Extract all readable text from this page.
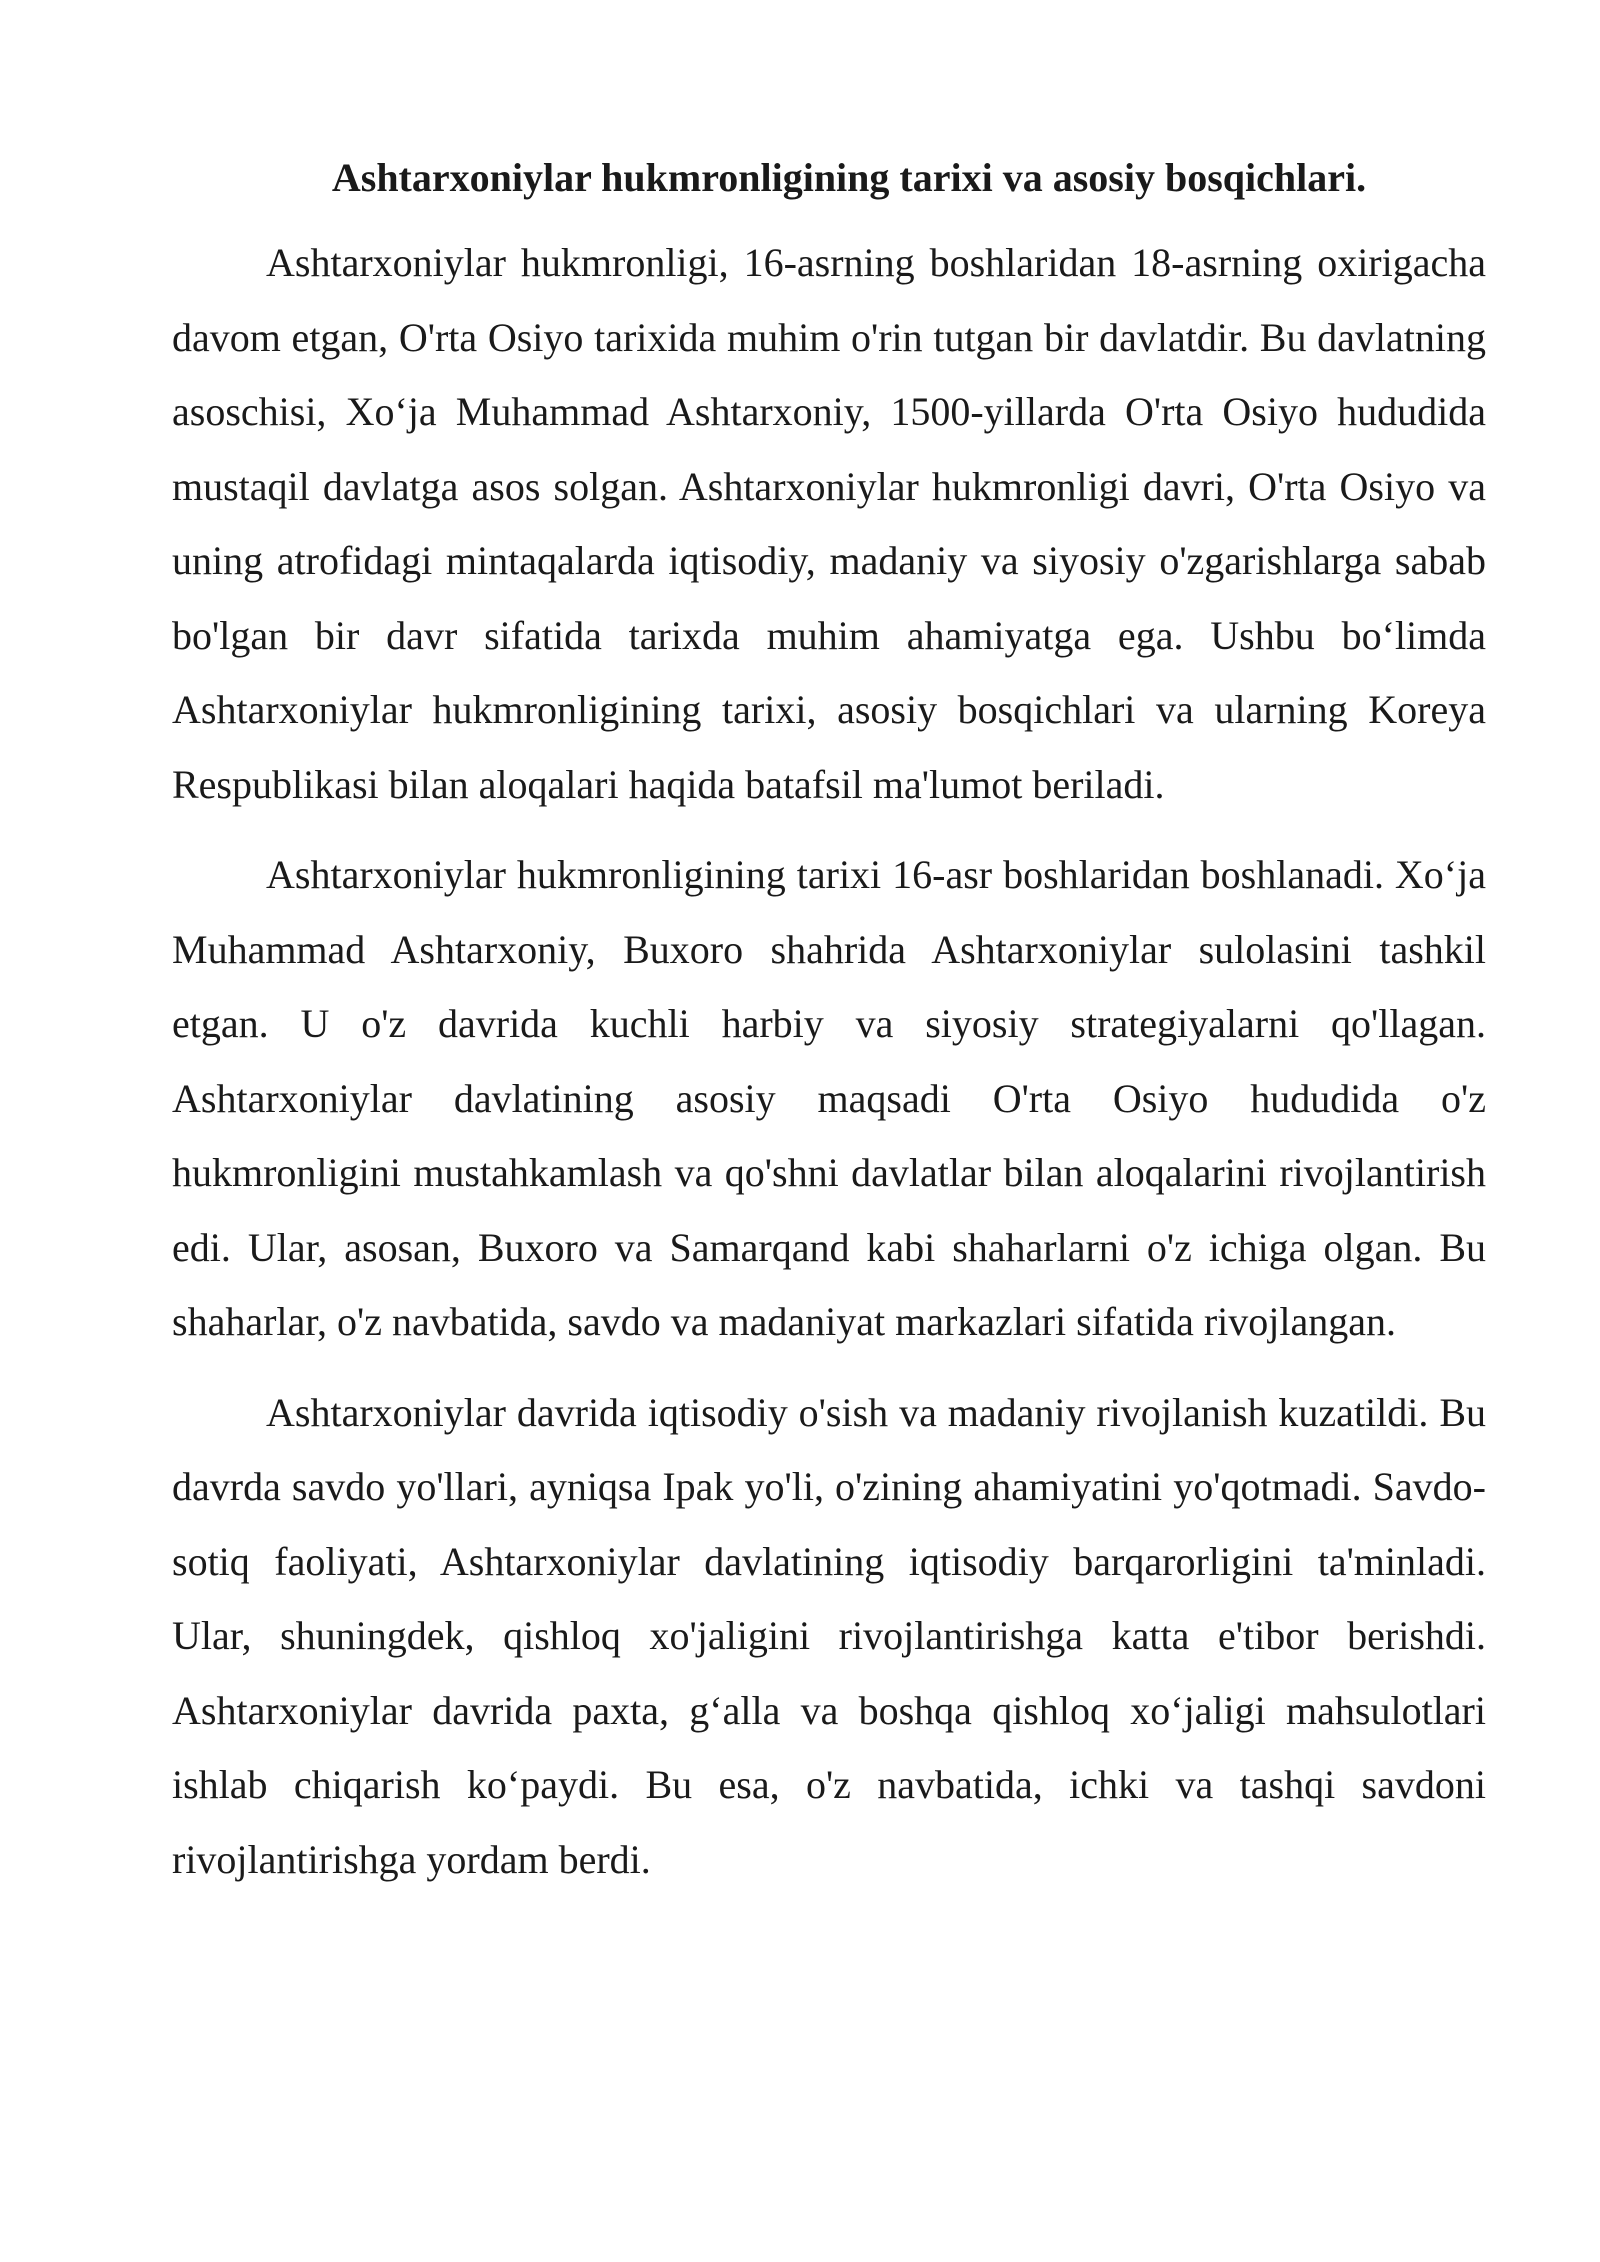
Ashtarxoniylar hukmronligining tarixi va asosiy bosqichlari.

Ashtarxoniylar hukmronligi, 16-asrning boshlaridan 18-asrning oxirigacha davom etgan, O'rta Osiyo tarixida muhim o'rin tutgan bir davlatdir. Bu davlatning asoschisi, Xo‘ja Muhammad Ashtarxoniy, 1500-yillarda O'rta Osiyo hududida mustaqil davlatga asos solgan. Ashtarxoniylar hukmronligi davri, O'rta Osiyo va uning atrofidagi mintaqalarda iqtisodiy, madaniy va siyosiy o'zgarishlarga sabab bo'lgan bir davr sifatida tarixda muhim ahamiyatga ega. Ushbu bo‘limda Ashtarxoniylar hukmronligining tarixi, asosiy bosqichlari va ularning Koreya Respublikasi bilan aloqalari haqida batafsil ma'lumot beriladi.

Ashtarxoniylar hukmronligining tarixi 16-asr boshlaridan boshlanadi. Xo‘ja Muhammad Ashtarxoniy, Buxoro shahrida Ashtarxoniylar sulolasini tashkil etgan. U o'z davrida kuchli harbiy va siyosiy strategiyalarni qo'llagan. Ashtarxoniylar davlatining asosiy maqsadi O'rta Osiyo hududida o'z hukmronligini mustahkamlash va qo'shni davlatlar bilan aloqalarini rivojlantirish edi. Ular, asosan, Buxoro va Samarqand kabi shaharlarni o'z ichiga olgan. Bu shaharlar, o'z navbatida, savdo va madaniyat markazlari sifatida rivojlangan.

Ashtarxoniylar davrida iqtisodiy o'sish va madaniy rivojlanish kuzatildi. Bu davrda savdo yo'llari, ayniqsa Ipak yo'li, o'zining ahamiyatini yo'qotmadi. Savdo-sotiq faoliyati, Ashtarxoniylar davlatining iqtisodiy barqarorligini ta'minladi. Ular, shuningdek, qishloq xo'jaligini rivojlantirishga katta e'tibor berishdi. Ashtarxoniylar davrida paxta, g‘alla va boshqa qishloq xo‘jaligi mahsulotlari ishlab chiqarish ko‘paydi. Bu esa, o'z navbatida, ichki va tashqi savdoni rivojlantirishga yordam berdi.
